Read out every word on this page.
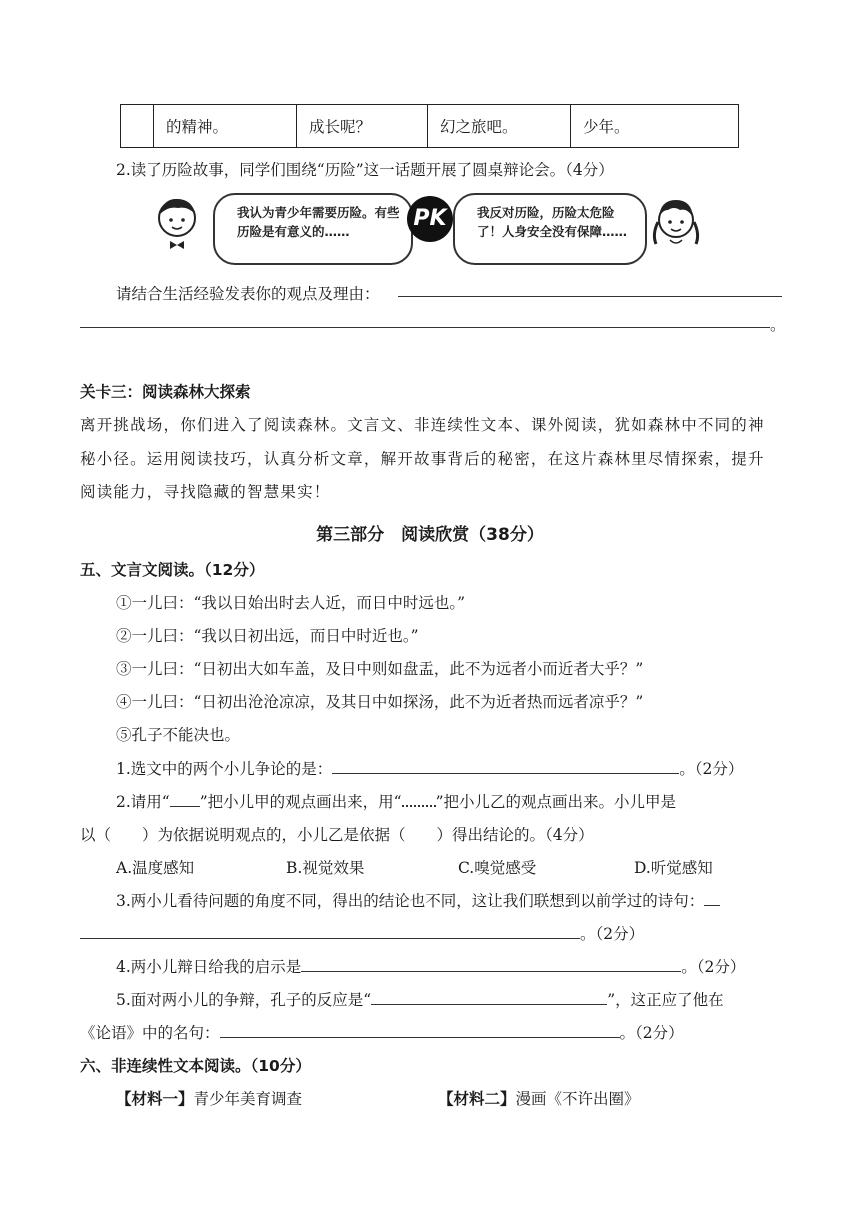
	的精神。	成长呢？	幻之旅吧。	少年。
2.读了历险故事，同学们围绕“历险”这一话题开展了圆桌辩论会。（4分）
我认为青少年需要历险。有些历险是有意义的……
PK	我反对历险，历险太危险了！人身安全没有保障……
请结合生活经验发表你的观点及理由：
。
关卡三：阅读森林大探索
离开挑战场，你们进入了阅读森林。文言文、非连续性文本、课外阅读，犹如森林中不同的神
秘小径。运用阅读技巧，认真分析文章，解开故事背后的秘密，在这片森林里尽情探索，提升
阅读能力，寻找隐藏的智慧果实！
第三部分　阅读欣赏（38分）
五、文言文阅读。（12分）
①一儿曰：“我以日始出时去人近，而日中时远也。”
②一儿曰：“我以日初出远，而日中时近也。”
③一儿曰：“日初出大如车盖，及日中则如盘盂，此不为远者小而近者大乎？”
④一儿曰：“日初出沧沧凉凉，及其日中如探汤，此不为近者热而远者凉乎？”
⑤孔子不能决也。
1.选文中的两个小儿争论的是：	。（2分）
2.请用“ ”把小儿甲的观点画出来，用“ ”把小儿乙的观点画出来。小儿甲是
以（　　）为依据说明观点的，小儿乙是依据（　　）得出结论的。（4分）
A.温度感知	B.视觉效果	C.嗅觉感受	D.听觉感知
3.两小儿看待问题的角度不同，得出的结论也不同，这让我们联想到以前学过的诗句：
。（2分）
4.两小儿辩日给我的启示是	。（2分）
5.面对两小儿的争辩，孔子的反应是“	”，这正应了他在
《论语》中的名句：	。（2分）
六、非连续性文本阅读。（10分）
【材料一】青少年美育调查	【材料二】漫画《不许出圈》
